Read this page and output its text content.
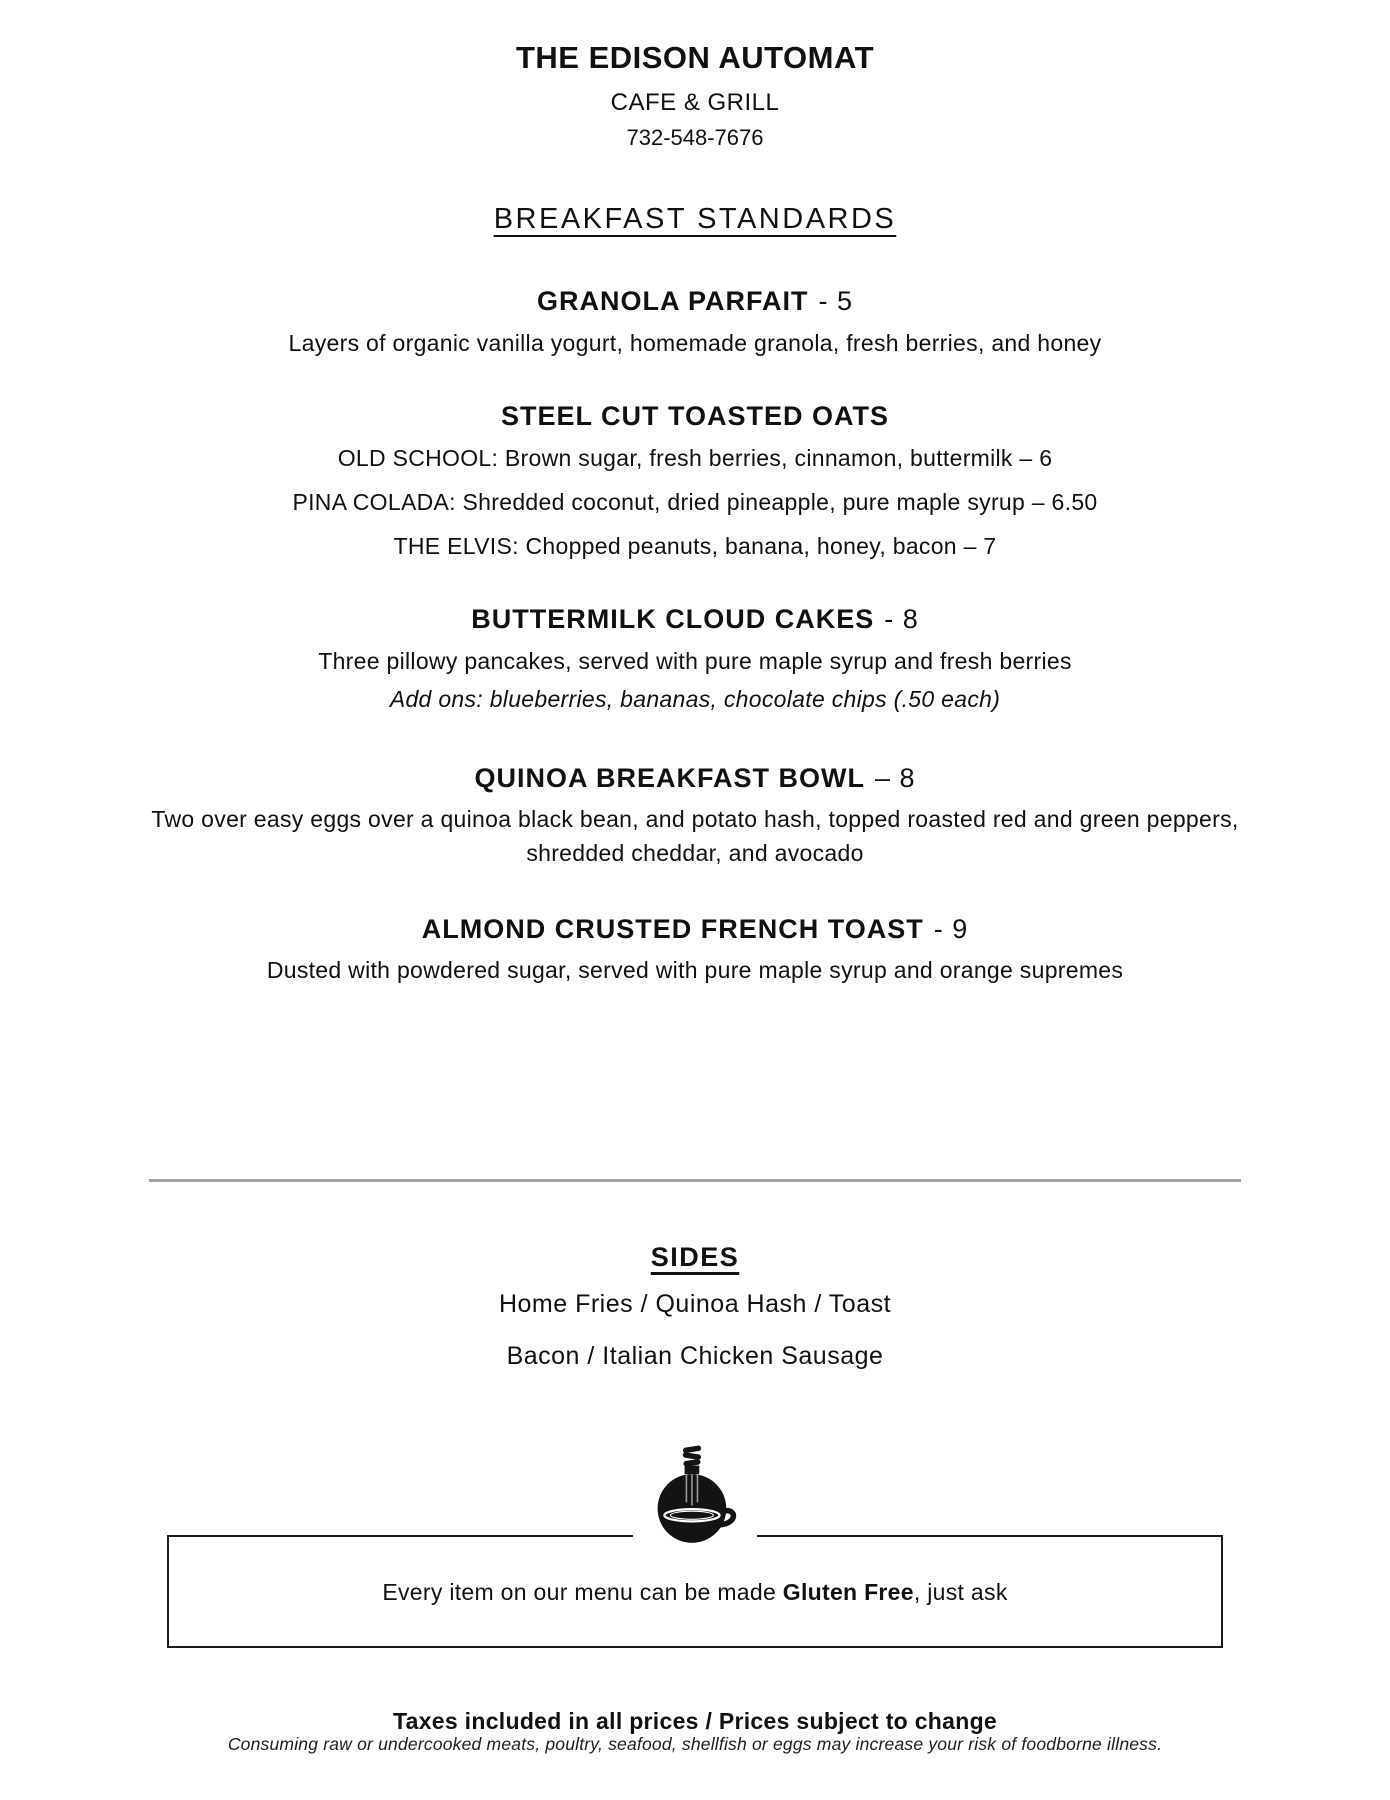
THE EDISON AUTOMAT

CAFE & GRILL

732-548-7676

BREAKFAST STANDARDS
GRANOLA PARFAIT - 5

Layers of organic vanilla yogurt, homemade granola, fresh berries, and honey

STEEL CUT TOASTED OATS

OLD SCHOOL: Brown sugar, fresh berries, cinnamon, buttermilk – 6

PINA COLADA: Shredded coconut, dried pineapple, pure maple syrup – 6.50

THE ELVIS: Chopped peanuts, banana, honey, bacon – 7

BUTTERMILK CLOUD CAKES - 8

Three pillowy pancakes, served with pure maple syrup and fresh berries

Add ons: blueberries, bananas, chocolate chips (.50 each)

QUINOA BREAKFAST BOWL – 8

Two over easy eggs over a quinoa black bean, and potato hash, topped roasted red and green peppers, shredded cheddar, and avocado

ALMOND CRUSTED FRENCH TOAST - 9

Dusted with powdered sugar, served with pure maple syrup and orange supremes

SIDES

Home Fries / Quinoa Hash / Toast

Bacon / Italian Chicken Sausage

Every item on our menu can be made Gluten Free, just ask

Taxes included in all prices / Prices subject to change

Consuming raw or undercooked meats, poultry, seafood, shellfish or eggs may increase your risk of foodborne illness.
